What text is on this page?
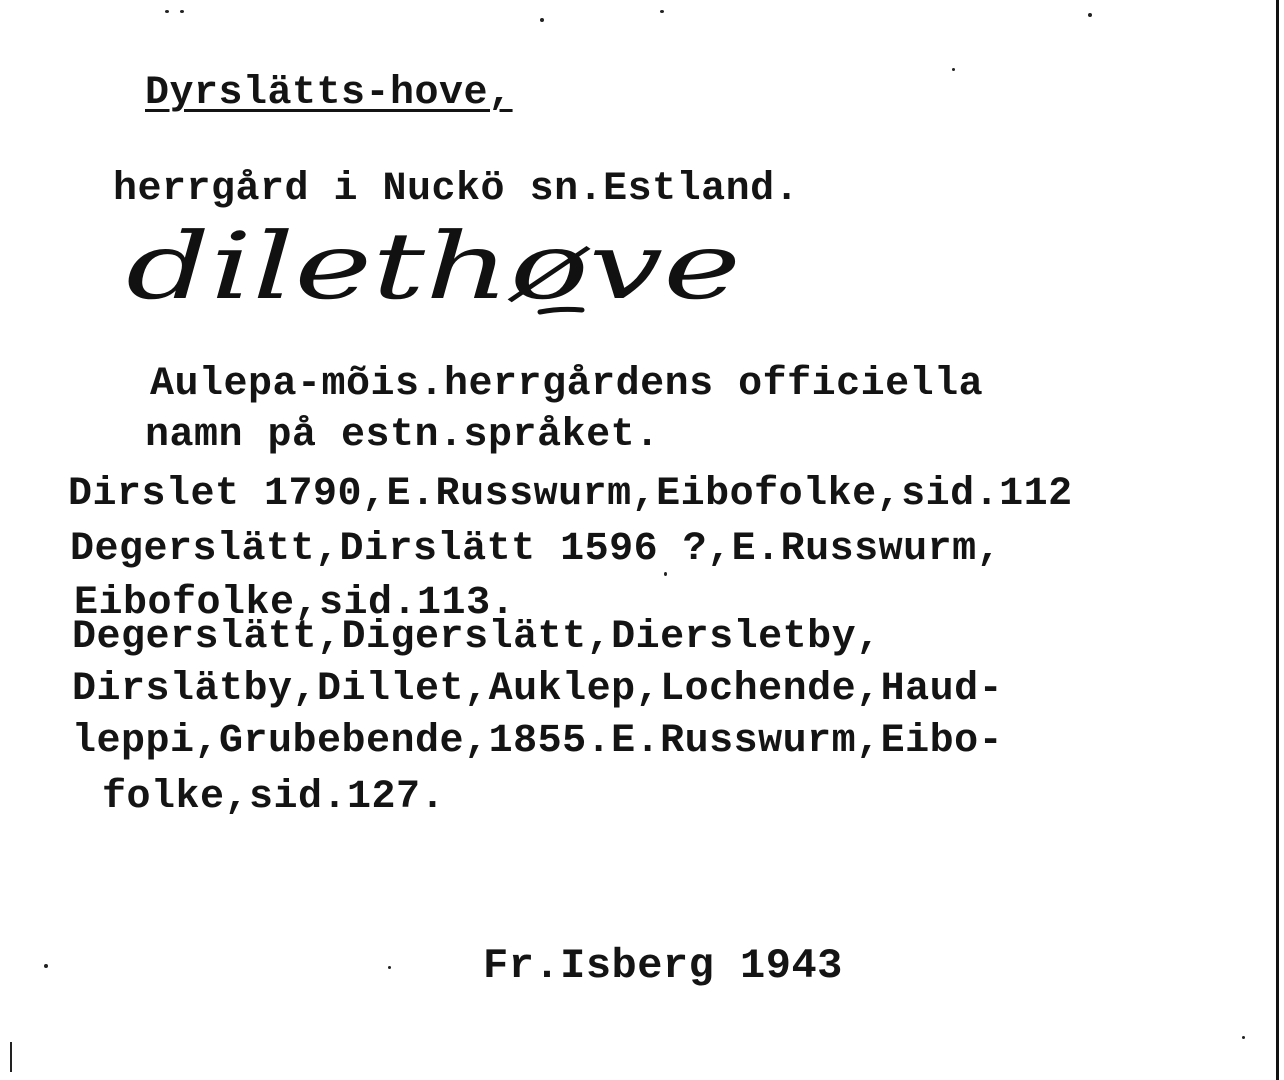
Dyrslätts-hove,

herrgård i Nuckö sn.Estland.

dilethøve

Aulepa-mõis.herrgårdens officiella

namn på estn.språket.

Dirslet 1790,E.Russwurm,Eibofolke,sid.112

Degerslätt,Dirslätt 1596 ?,E.Russwurm,

Eibofolke,sid.113.

Degerslätt,Digerslätt,Diersletby,

Dirslätby,Dillet,Auklep,Lochende,Haud-

leppi,Grubebende,1855.E.Russwurm,Eibo-

folke,sid.127.

Fr.Isberg 1943
